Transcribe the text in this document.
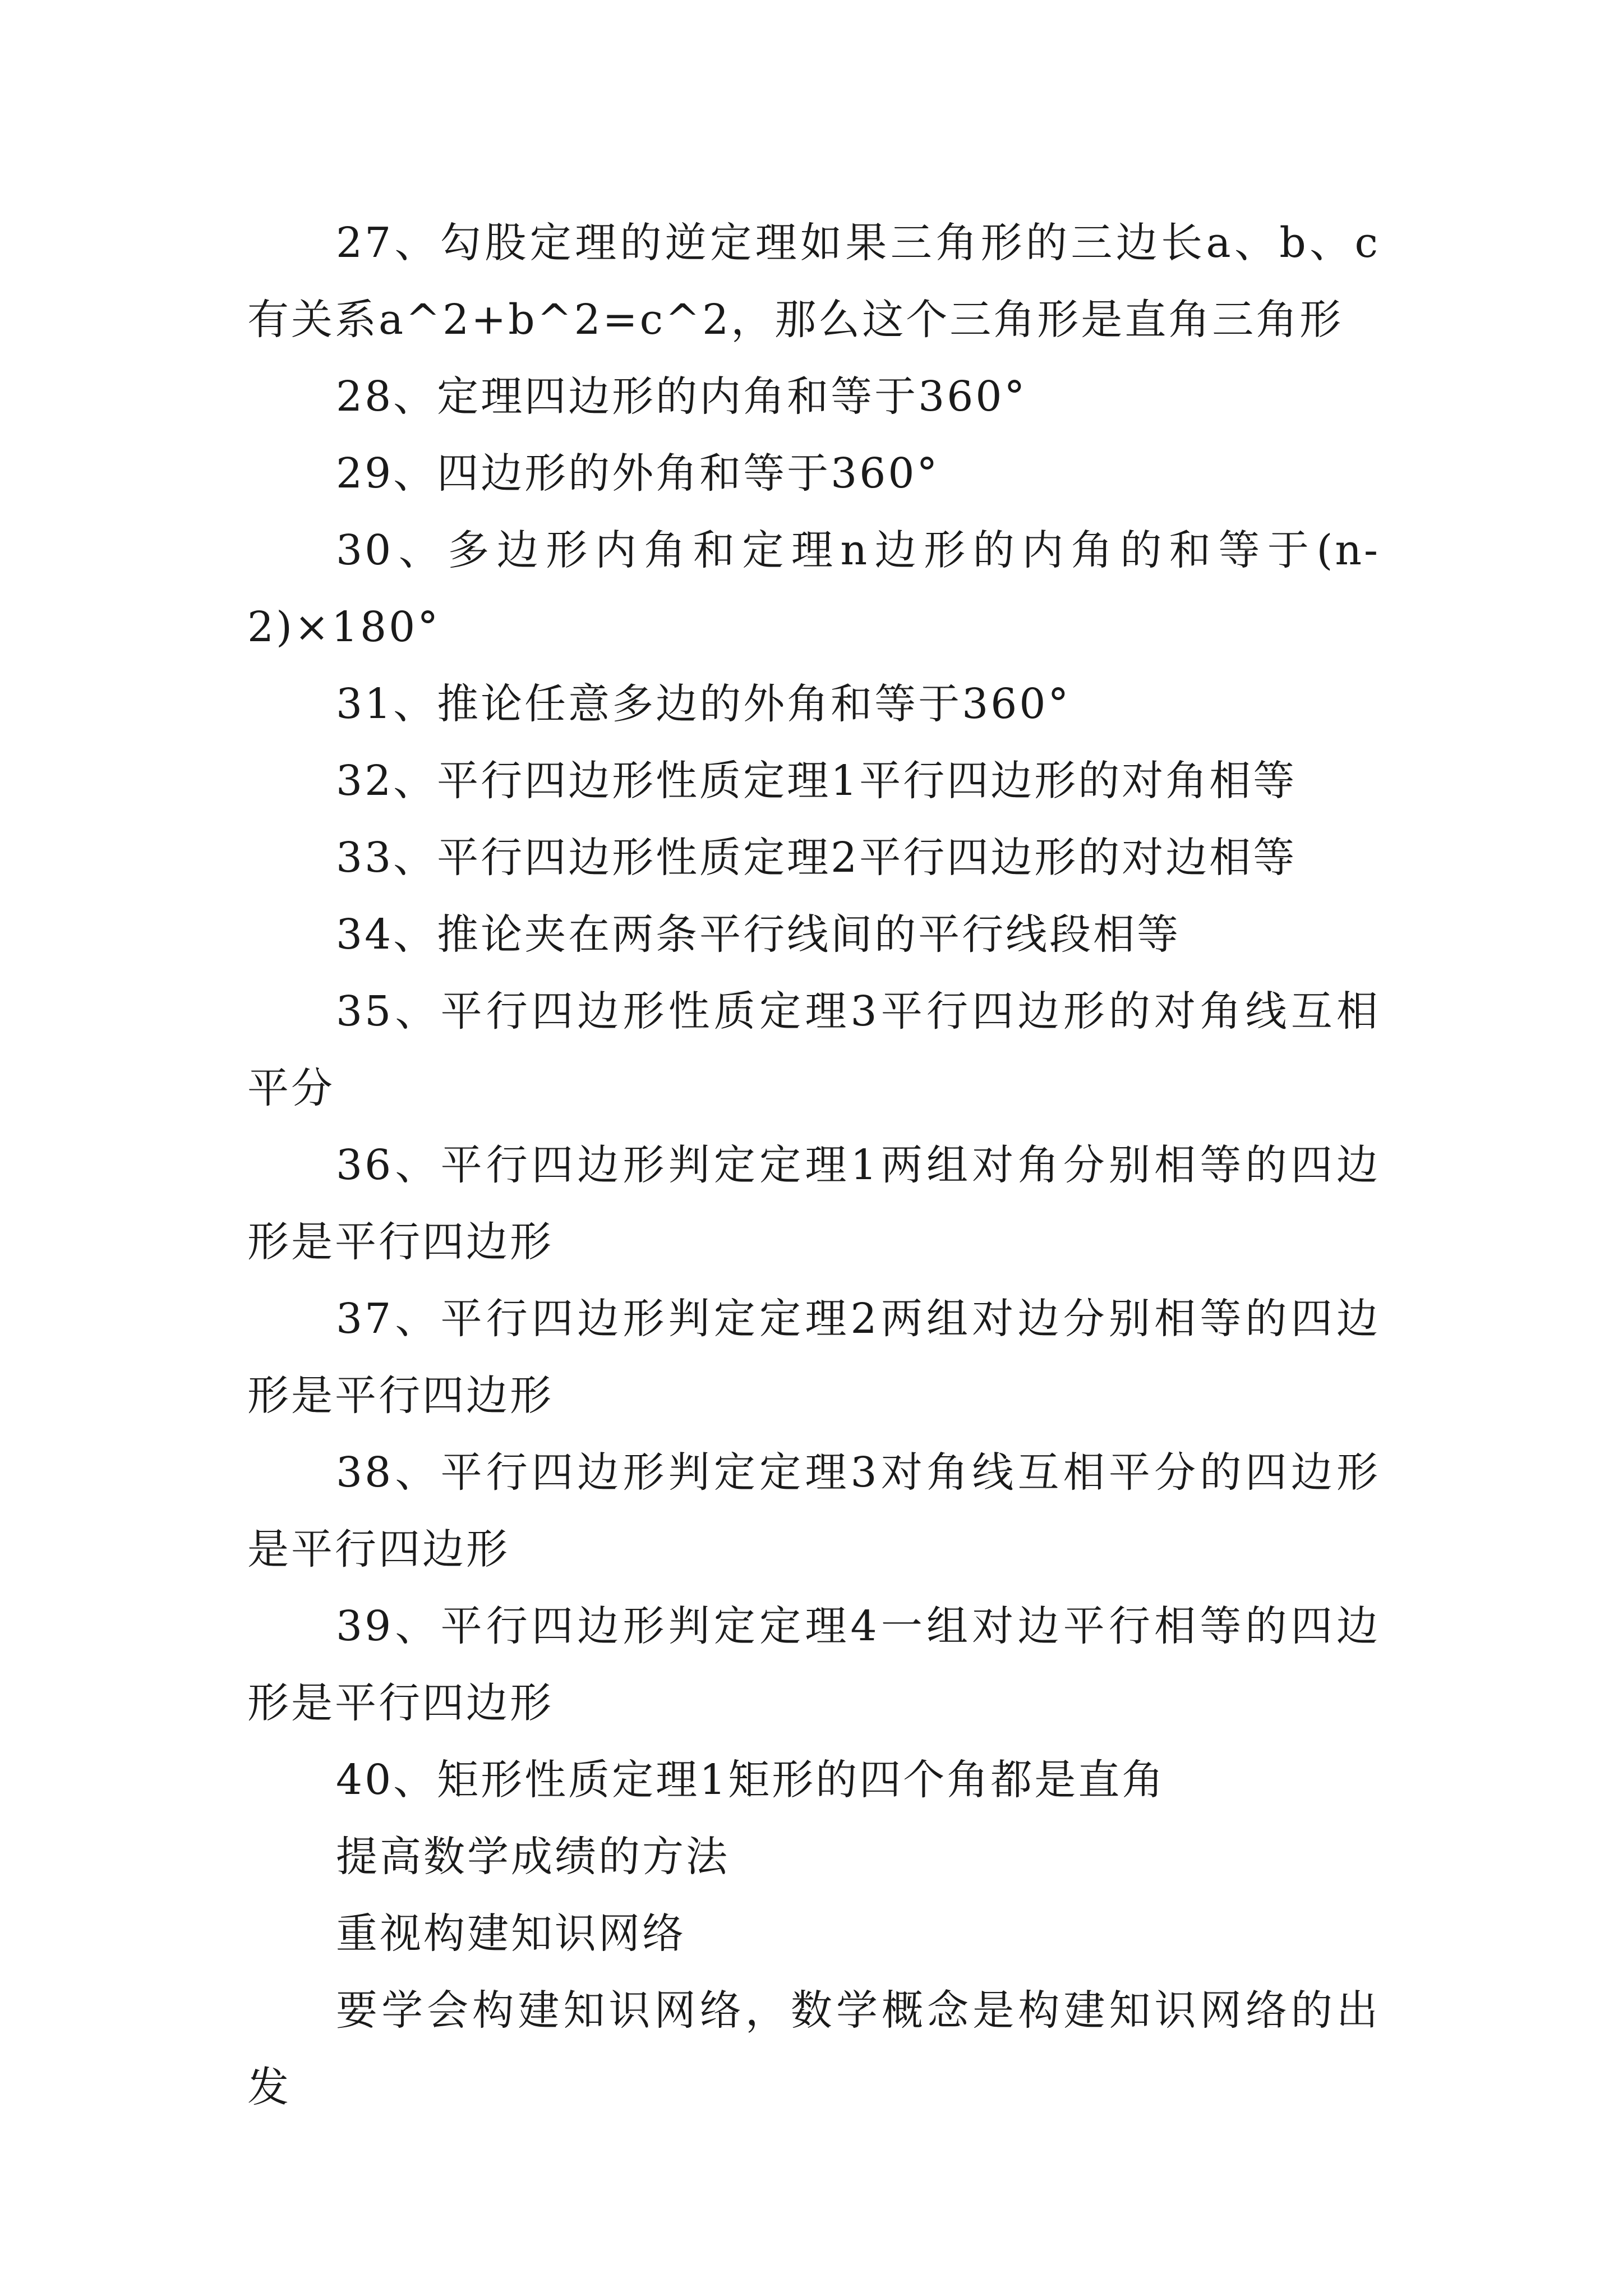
27、勾股定理的逆定理如果三角形的三边长a、b、c有关系a^2+b^2=c^2，那么这个三角形是直角三角形

28、定理四边形的内角和等于360°

29、四边形的外角和等于360°

30、多边形内角和定理n边形的内角的和等于(n-2)×180°

31、推论任意多边的外角和等于360°

32、平行四边形性质定理1平行四边形的对角相等

33、平行四边形性质定理2平行四边形的对边相等

34、推论夹在两条平行线间的平行线段相等

35、平行四边形性质定理3平行四边形的对角线互相平分

36、平行四边形判定定理1两组对角分别相等的四边形是平行四边形

37、平行四边形判定定理2两组对边分别相等的四边形是平行四边形

38、平行四边形判定定理3对角线互相平分的四边形是平行四边形

39、平行四边形判定定理4一组对边平行相等的四边形是平行四边形

40、矩形性质定理1矩形的四个角都是直角

提高数学成绩的方法

重视构建知识网络

要学会构建知识网络，数学概念是构建知识网络的出发
